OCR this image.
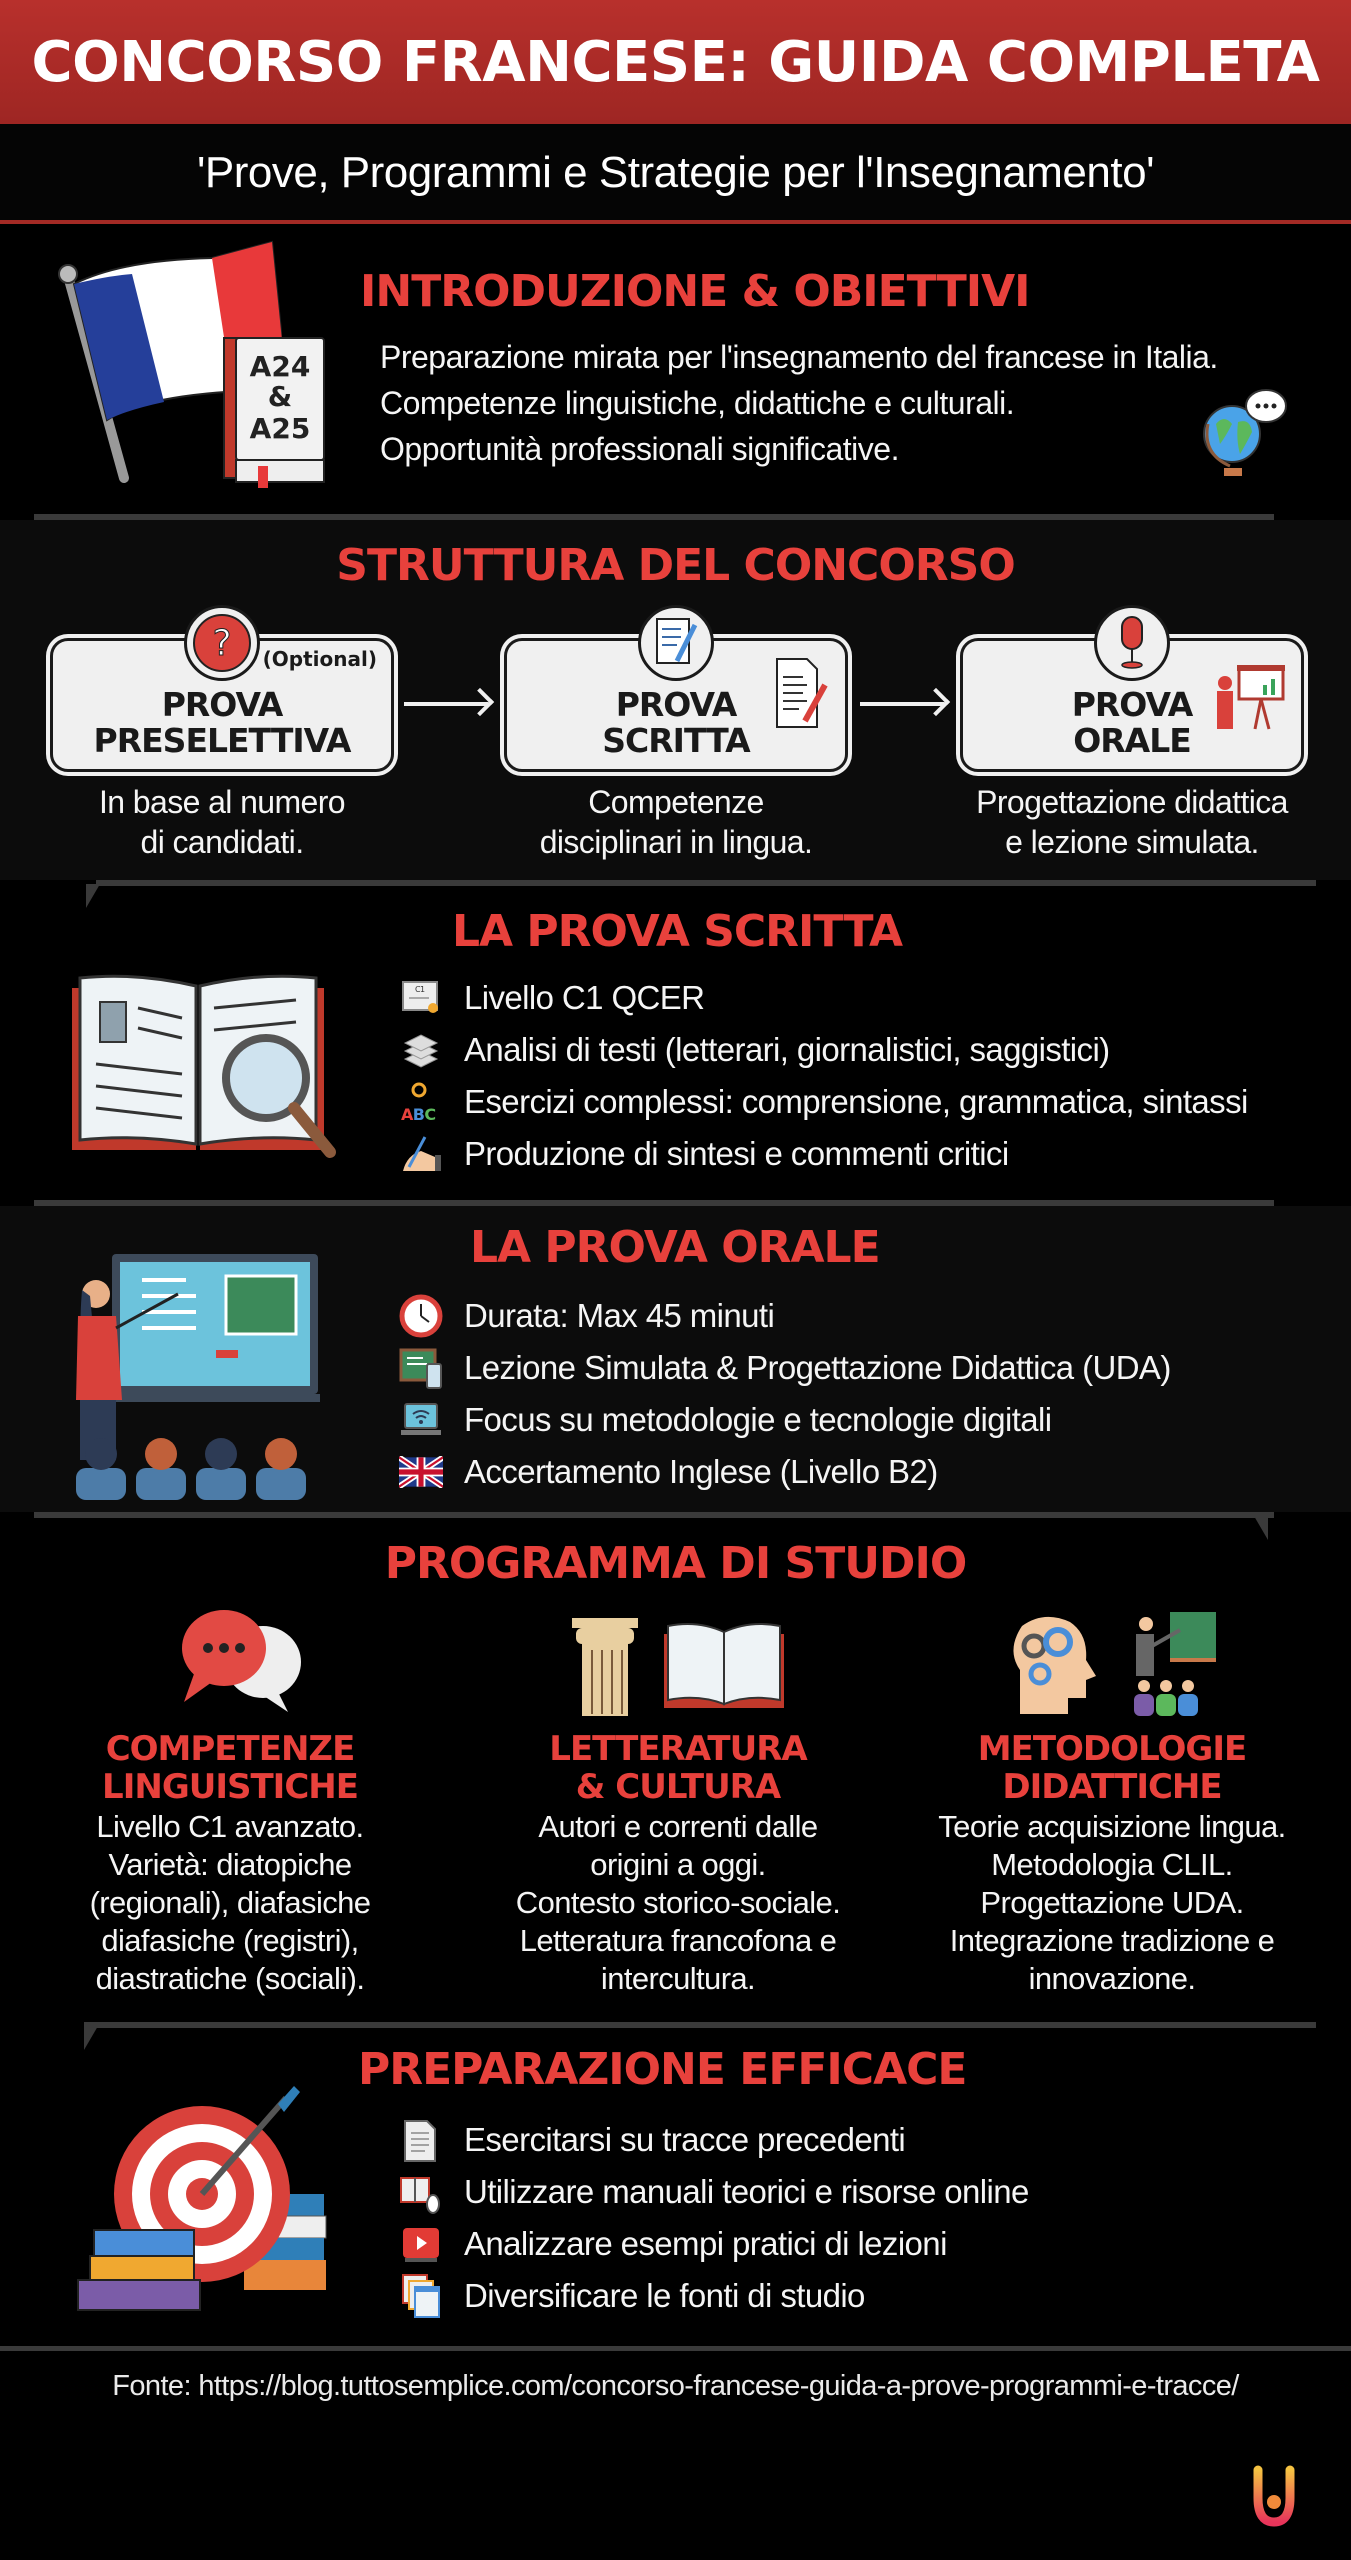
CONCORSO FRANCESE: GUIDA COMPLETA
'Prove, Programmi e Strategie per l'Insegnamento'
A24
&
A25
INTRODUZIONE & OBIETTIVI
Preparazione mirata per l'insegnamento del francese in Italia.
Competenze linguistiche, didattiche e culturali.
Opportunità professionali significative.
STRUTTURA DEL CONCORSO
? (Optional)
PROVA
PRESELETTIVA
In base al numero
di candidati.
PROVA
SCRITTA
Competenze
disciplinari in lingua.
PROVA
ORALE
Progettazione didattica
e lezione simulata.
LA PROVA SCRITTA
C1 Livello C1 QCER
Analisi di testi (letterari, giornalistici, saggistici)
ABC Esercizi complessi: comprensione, grammatica, sintassi
Produzione di sintesi e commenti critici
LA PROVA ORALE
Durata: Max 45 minuti
Lezione Simulata & Progettazione Didattica (UDA)
Focus su metodologie e tecnologie digitali
Accertamento Inglese (Livello B2)
PROGRAMMA DI STUDIO
COMPETENZE
LINGUISTICHE
Livello C1 avanzato.
Varietà: diatopiche
(regionali), diafasiche
diafasiche (registri),
diastratiche (sociali).
LETTERATURA
& CULTURA
Autori e correnti dalle
origini a oggi.
Contesto storico-sociale.
Letteratura francofona e
intercultura.
METODOLOGIE
DIDATTICHE
Teorie acquisizione lingua.
Metodologia CLIL.
Progettazione UDA.
Integrazione tradizione e
innovazione.
PREPARAZIONE EFFICACE
Esercitarsi su tracce precedenti
Utilizzare manuali teorici e risorse online
Analizzare esempi pratici di lezioni
Diversificare le fonti di studio
Fonte: https://blog.tuttosemplice.com/concorso-francese-guida-a-prove-programmi-e-tracce/
